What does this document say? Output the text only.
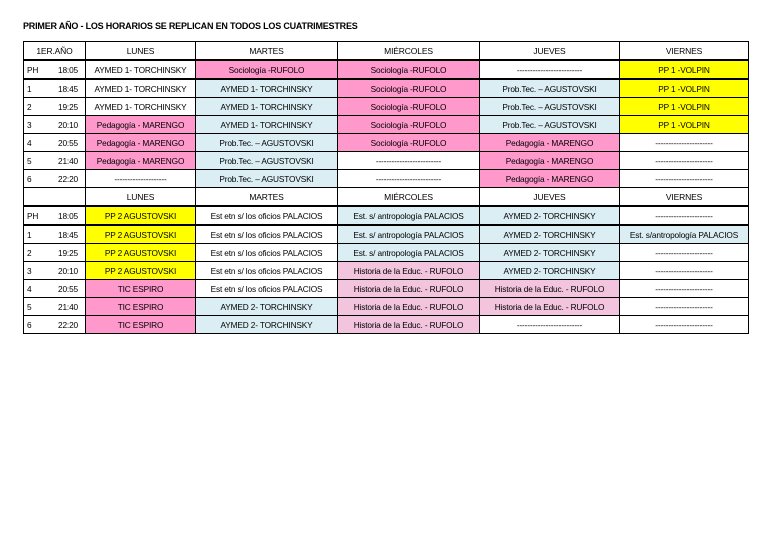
PRIMER AÑO - LOS HORARIOS SE REPLICAN EN TODOS LOS CUATRIMESTRES
1ER.AÑO	LUNES	MARTES	MIÉRCOLES	JUEVES	VIERNES
PH 18:05	AYMED 1- TORCHINSKY	Sociología -RUFOLO	Sociología -RUFOLO	-------------------------	PP 1 -VOLPIN
1 18:45	AYMED 1- TORCHINSKY	AYMED 1- TORCHINSKY	Sociología -RUFOLO	Prob.Tec. – AGUSTOVSKI	PP 1 -VOLPIN
2 19:25	AYMED 1- TORCHINSKY	AYMED 1- TORCHINSKY	Sociología -RUFOLO	Prob.Tec. – AGUSTOVSKI	PP 1 -VOLPIN
3 20:10	Pedagogía - MARENGO	AYMED 1- TORCHINSKY	Sociología -RUFOLO	Prob.Tec. – AGUSTOVSKI	PP 1 -VOLPIN
4 20:55	Pedagogía - MARENGO	Prob.Tec. – AGUSTOVSKI	Sociología -RUFOLO	Pedagogía - MARENGO	----------------------
5 21:40	Pedagogía - MARENGO	Prob.Tec. – AGUSTOVSKI	-------------------------	Pedagogía - MARENGO	----------------------
6 22:20	--------------------	Prob.Tec. – AGUSTOVSKI	-------------------------	Pedagogía - MARENGO	----------------------
	LUNES	MARTES	MIÉRCOLES	JUEVES	VIERNES
PH 18:05	PP 2 AGUSTOVSKI	Est etn s/ los oficios PALACIOS	Est. s/ antropología PALACIOS	AYMED 2- TORCHINSKY	----------------------
1 18:45	PP 2 AGUSTOVSKI	Est etn s/ los oficios PALACIOS	Est. s/ antropología PALACIOS	AYMED 2- TORCHINSKY	Est. s/antropología PALACIOS
2 19:25	PP 2 AGUSTOVSKI	Est etn s/ los oficios PALACIOS	Est. s/ antropología PALACIOS	AYMED 2- TORCHINSKY	----------------------
3 20:10	PP 2 AGUSTOVSKI	Est etn s/ los oficios PALACIOS	Historia de la Educ. - RUFOLO	AYMED 2- TORCHINSKY	----------------------
4 20:55	TIC ESPIRO	Est etn s/ los oficios PALACIOS	Historia de la Educ. - RUFOLO	Historia de la Educ. - RUFOLO	----------------------
5 21:40	TIC ESPIRO	AYMED 2- TORCHINSKY	Historia de la Educ. - RUFOLO	Historia de la Educ. - RUFOLO	----------------------
6 22:20	TIC ESPIRO	AYMED 2- TORCHINSKY	Historia de la Educ. - RUFOLO	-------------------------	----------------------
